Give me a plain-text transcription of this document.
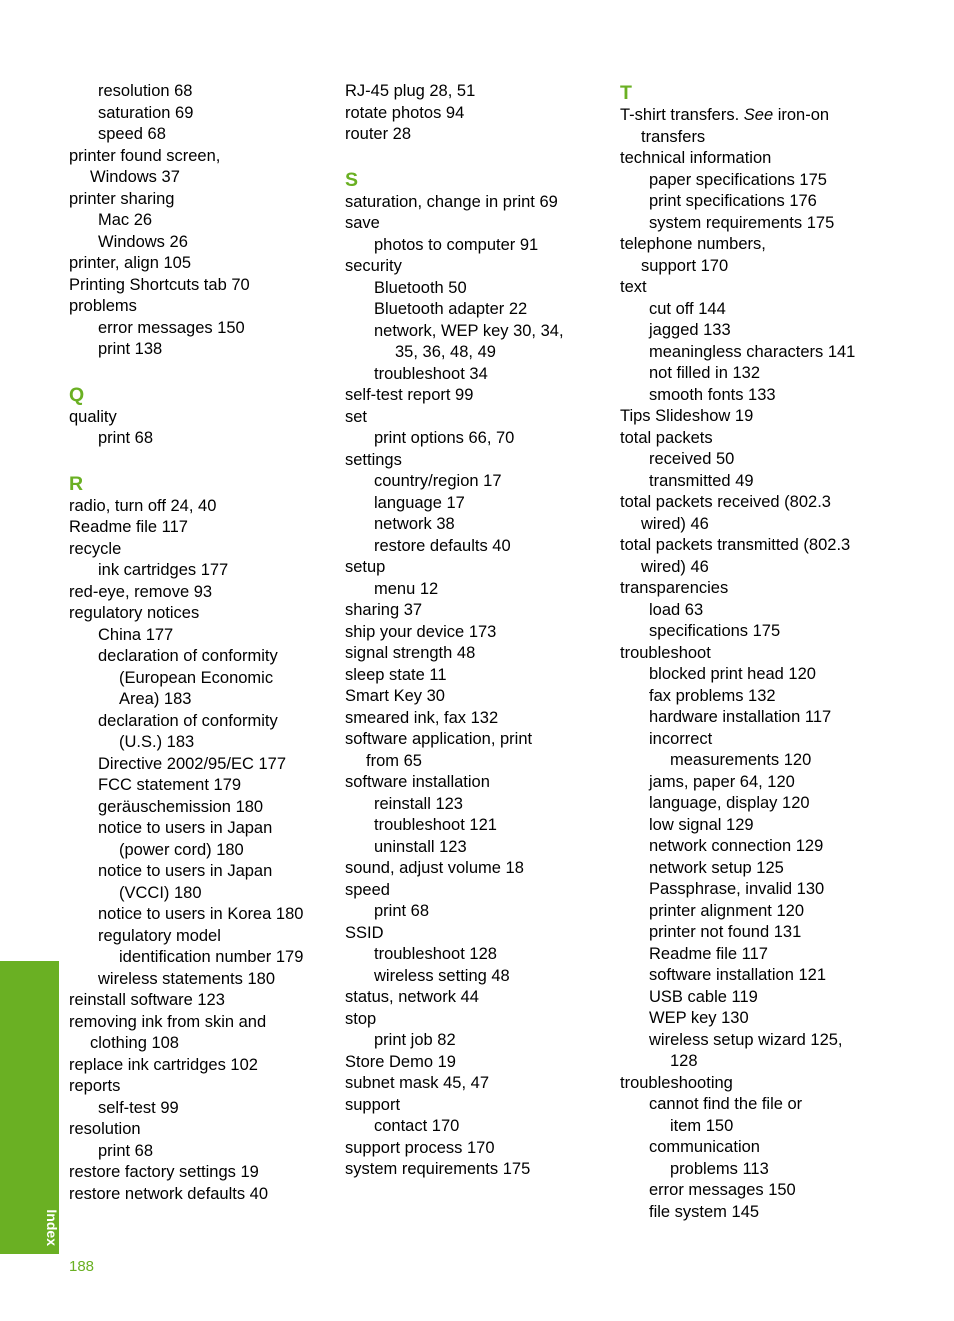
resolution 68
saturation 69
speed 68
printer found screen,
Windows 37
printer sharing
Mac 26
Windows 26
printer, align 105
Printing Shortcuts tab 70
problems
error messages 150
print 138
Q
quality
print 68
R
radio, turn off 24, 40
Readme file 117
recycle
ink cartridges 177
red-eye, remove 93
regulatory notices
China 177
declaration of conformity
(European Economic
Area) 183
declaration of conformity
(U.S.) 183
Directive 2002/95/EC 177
FCC statement 179
geräuschemission 180
notice to users in Japan
(power cord) 180
notice to users in Japan
(VCCI) 180
notice to users in Korea 180
regulatory model
identification number 179
wireless statements 180
reinstall software 123
removing ink from skin and
clothing 108
replace ink cartridges 102
reports
self-test 99
resolution
print 68
restore factory settings 19
restore network defaults 40
RJ-45 plug 28, 51
rotate photos 94
router 28
S
saturation, change in print 69
save
photos to computer 91
security
Bluetooth 50
Bluetooth adapter 22
network, WEP key 30, 34,
35, 36, 48, 49
troubleshoot 34
self-test report 99
set
print options 66, 70
settings
country/region 17
language 17
network 38
restore defaults 40
setup
menu 12
sharing 37
ship your device 173
signal strength 48
sleep state 11
Smart Key 30
smeared ink, fax 132
software application, print
from 65
software installation
reinstall 123
troubleshoot 121
uninstall 123
sound, adjust volume 18
speed
print 68
SSID
troubleshoot 128
wireless setting 48
status, network 44
stop
print job 82
Store Demo 19
subnet mask 45, 47
support
contact 170
support process 170
system requirements 175
T
T-shirt transfers. See iron-on
transfers
technical information
paper specifications 175
print specifications 176
system requirements 175
telephone numbers,
support 170
text
cut off 144
jagged 133
meaningless characters 141
not filled in 132
smooth fonts 133
Tips Slideshow 19
total packets
received 50
transmitted 49
total packets received (802.3
wired) 46
total packets transmitted (802.3
wired) 46
transparencies
load 63
specifications 175
troubleshoot
blocked print head 120
fax problems 132
hardware installation 117
incorrect
measurements 120
jams, paper 64, 120
language, display 120
low signal 129
network connection 129
network setup 125
Passphrase, invalid 130
printer alignment 120
printer not found 131
Readme file 117
software installation 121
USB cable 119
WEP key 130
wireless setup wizard 125,
128
troubleshooting
cannot find the file or
item 150
communication
problems 113
error messages 150
file system 145
Index
188
